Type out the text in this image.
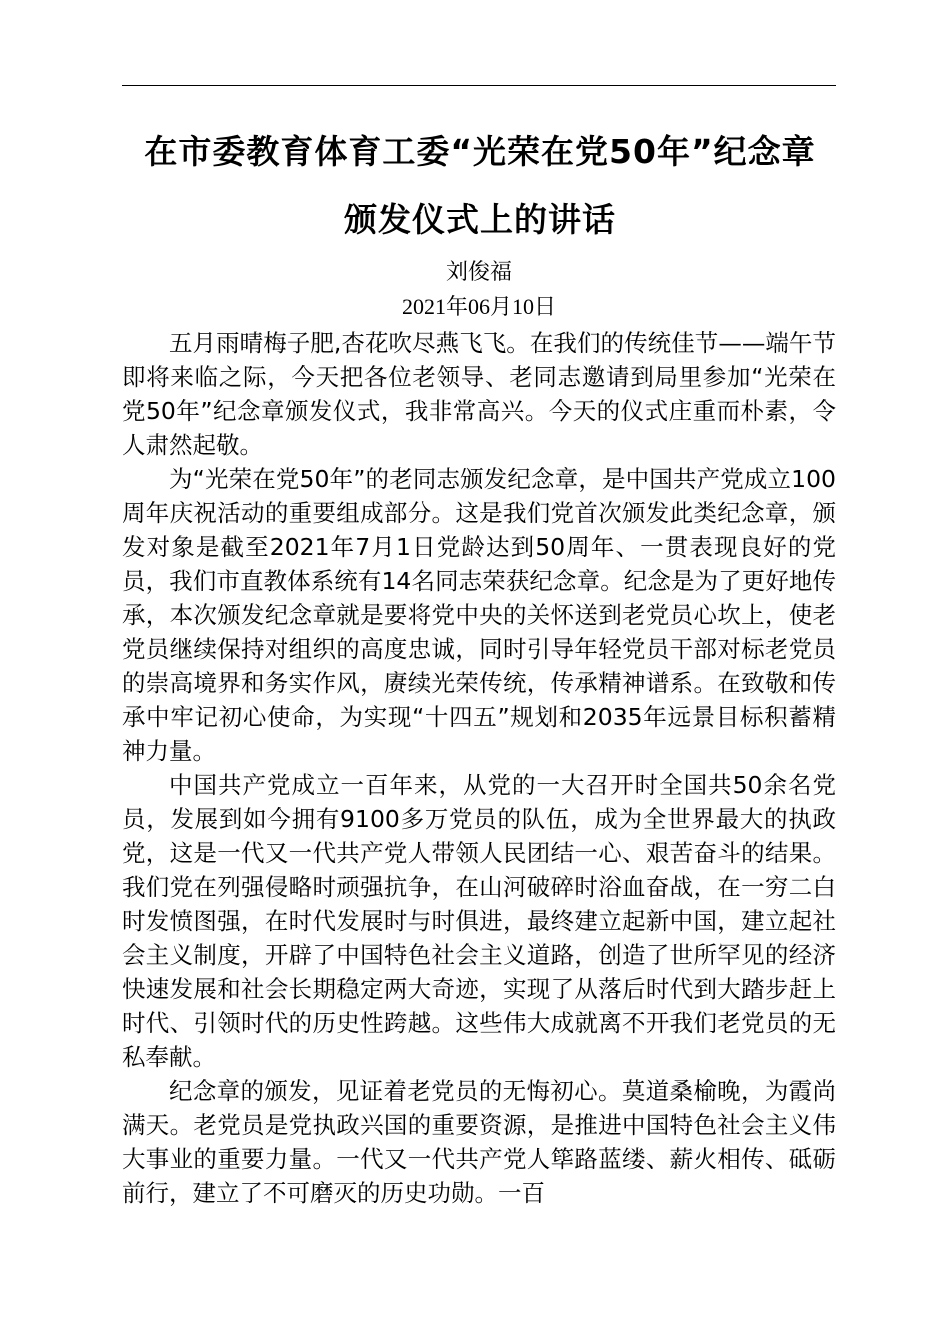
在市委教育体育工委“光荣在党50年”纪念章
颁发仪式上的讲话
刘俊福
2021年06月10日

五月雨晴梅子肥,杏花吹尽燕飞飞。在我们的传统佳节——端午节即将来临之际，今天把各位老领导、老同志邀请到局里参加“光荣在党50年”纪念章颁发仪式，我非常高兴。今天的仪式庄重而朴素，令人肃然起敬。

为“光荣在党50年”的老同志颁发纪念章，是中国共产党成立100周年庆祝活动的重要组成部分。这是我们党首次颁发此类纪念章，颁发对象是截至2021年7月1日党龄达到50周年、一贯表现良好的党员，我们市直教体系统有14名同志荣获纪念章。纪念是为了更好地传承，本次颁发纪念章就是要将党中央的关怀送到老党员心坎上，使老党员继续保持对组织的高度忠诚，同时引导年轻党员干部对标老党员的崇高境界和务实作风，赓续光荣传统，传承精神谱系。在致敬和传承中牢记初心使命，为实现“十四五”规划和2035年远景目标积蓄精神力量。

中国共产党成立一百年来，从党的一大召开时全国共50余名党员，发展到如今拥有9100多万党员的队伍，成为全世界最大的执政党，这是一代又一代共产党人带领人民团结一心、艰苦奋斗的结果。我们党在列强侵略时顽强抗争，在山河破碎时浴血奋战，在一穷二白时发愤图强，在时代发展时与时俱进，最终建立起新中国，建立起社会主义制度，开辟了中国特色社会主义道路，创造了世所罕见的经济快速发展和社会长期稳定两大奇迹，实现了从落后时代到大踏步赶上时代、引领时代的历史性跨越。这些伟大成就离不开我们老党员的无私奉献。

纪念章的颁发，见证着老党员的无悔初心。莫道桑榆晚，为霞尚满天。老党员是党执政兴国的重要资源，是推进中国特色社会主义伟大事业的重要力量。一代又一代共产党人筚路蓝缕、薪火相传、砥砺前行，建立了不可磨灭的历史功勋。一百
